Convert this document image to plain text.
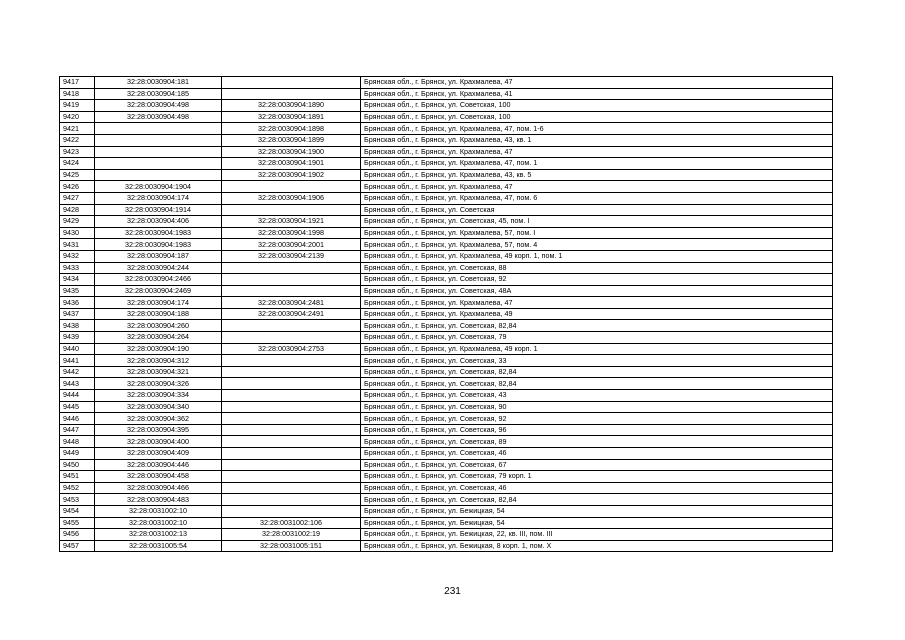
9417	32:28:0030904:181		Брянская обл., г. Брянск, ул. Крахмалева, 47
9418	32:28:0030904:185		Брянская обл., г. Брянск, ул. Крахмалева, 41
9419	32:28:0030904:498	32:28:0030904:1890	Брянская обл., г. Брянск, ул. Советская, 100
9420	32:28:0030904:498	32:28:0030904:1891	Брянская обл., г. Брянск, ул. Советская, 100
9421		32:28:0030904:1898	Брянская обл., г. Брянск, ул. Крахмалева, 47, пом. 1-6
9422		32:28:0030904:1899	Брянская обл., г. Брянск, ул. Крахмалева, 43, кв. 1
9423		32:28:0030904:1900	Брянская обл., г. Брянск, ул. Крахмалева, 47
9424		32:28:0030904:1901	Брянская обл., г. Брянск, ул. Крахмалева, 47, пом. 1
9425		32:28:0030904:1902	Брянская обл., г. Брянск, ул. Крахмалева, 43, кв. 5
9426	32:28:0030904:1904		Брянская обл., г. Брянск, ул. Крахмалева, 47
9427	32:28:0030904:174	32:28:0030904:1906	Брянская обл., г. Брянск, ул. Крахмалева, 47, пом. 6
9428	32:28:0030904:1914		Брянская обл., г. Брянск, ул. Советская
9429	32:28:0030904:406	32:28:0030904:1921	Брянская обл., г. Брянск, ул. Советская, 45, пом. I
9430	32:28:0030904:1983	32:28:0030904:1998	Брянская обл., г. Брянск, ул. Крахмалева, 57, пом. I
9431	32:28:0030904:1983	32:28:0030904:2001	Брянская обл., г. Брянск, ул. Крахмалева, 57, пом. 4
9432	32:28:0030904:187	32:28:0030904:2139	Брянская обл., г. Брянск, ул. Крахмалева, 49 корп. 1, пом. 1
9433	32:28:0030904:244		Брянская обл., г. Брянск, ул. Советская, 88
9434	32:28:0030904:2466		Брянская обл., г. Брянск, ул. Советская, 92
9435	32:28:0030904:2469		Брянская обл., г. Брянск, ул. Советская, 48А
9436	32:28:0030904:174	32:28:0030904:2481	Брянская обл., г. Брянск, ул. Крахмалева, 47
9437	32:28:0030904:188	32:28:0030904:2491	Брянская обл., г. Брянск, ул. Крахмалева, 49
9438	32:28:0030904:260		Брянская обл., г. Брянск, ул. Советская, 82,84
9439	32:28:0030904:264		Брянская обл., г. Брянск, ул. Советская, 79
9440	32:28:0030904:190	32:28:0030904:2753	Брянская обл., г. Брянск, ул. Крахмалева, 49 корп. 1
9441	32:28:0030904:312		Брянская обл., г. Брянск, ул. Советская, 33
9442	32:28:0030904:321		Брянская обл., г. Брянск, ул. Советская, 82,84
9443	32:28:0030904:326		Брянская обл., г. Брянск, ул. Советская, 82,84
9444	32:28:0030904:334		Брянская обл., г. Брянск, ул. Советская, 43
9445	32:28:0030904:340		Брянская обл., г. Брянск, ул. Советская, 90
9446	32:28:0030904:362		Брянская обл., г. Брянск, ул. Советская, 92
9447	32:28:0030904:395		Брянская обл., г. Брянск, ул. Советская, 96
9448	32:28:0030904:400		Брянская обл., г. Брянск, ул. Советская, 89
9449	32:28:0030904:409		Брянская обл., г. Брянск, ул. Советская, 46
9450	32:28:0030904:446		Брянская обл., г. Брянск, ул. Советская, 67
9451	32:28:0030904:458		Брянская обл., г. Брянск, ул. Советская, 79 корп. 1
9452	32:28:0030904:466		Брянская обл., г. Брянск, ул. Советская, 46
9453	32:28:0030904:483		Брянская обл., г. Брянск, ул. Советская, 82,84
9454	32:28:0031002:10		Брянская обл., г. Брянск, ул. Бежицкая, 54
9455	32:28:0031002:10	32:28:0031002:106	Брянская обл., г. Брянск, ул. Бежицкая, 54
9456	32:28:0031002:13	32:28:0031002:19	Брянская обл., г. Брянск, ул. Бежицкая, 22, кв. III, пом. III
9457	32:28:0031005:54	32:28:0031005:151	Брянская обл., г. Брянск, ул. Бежицкая, 8 корп. 1, пом. X
231
